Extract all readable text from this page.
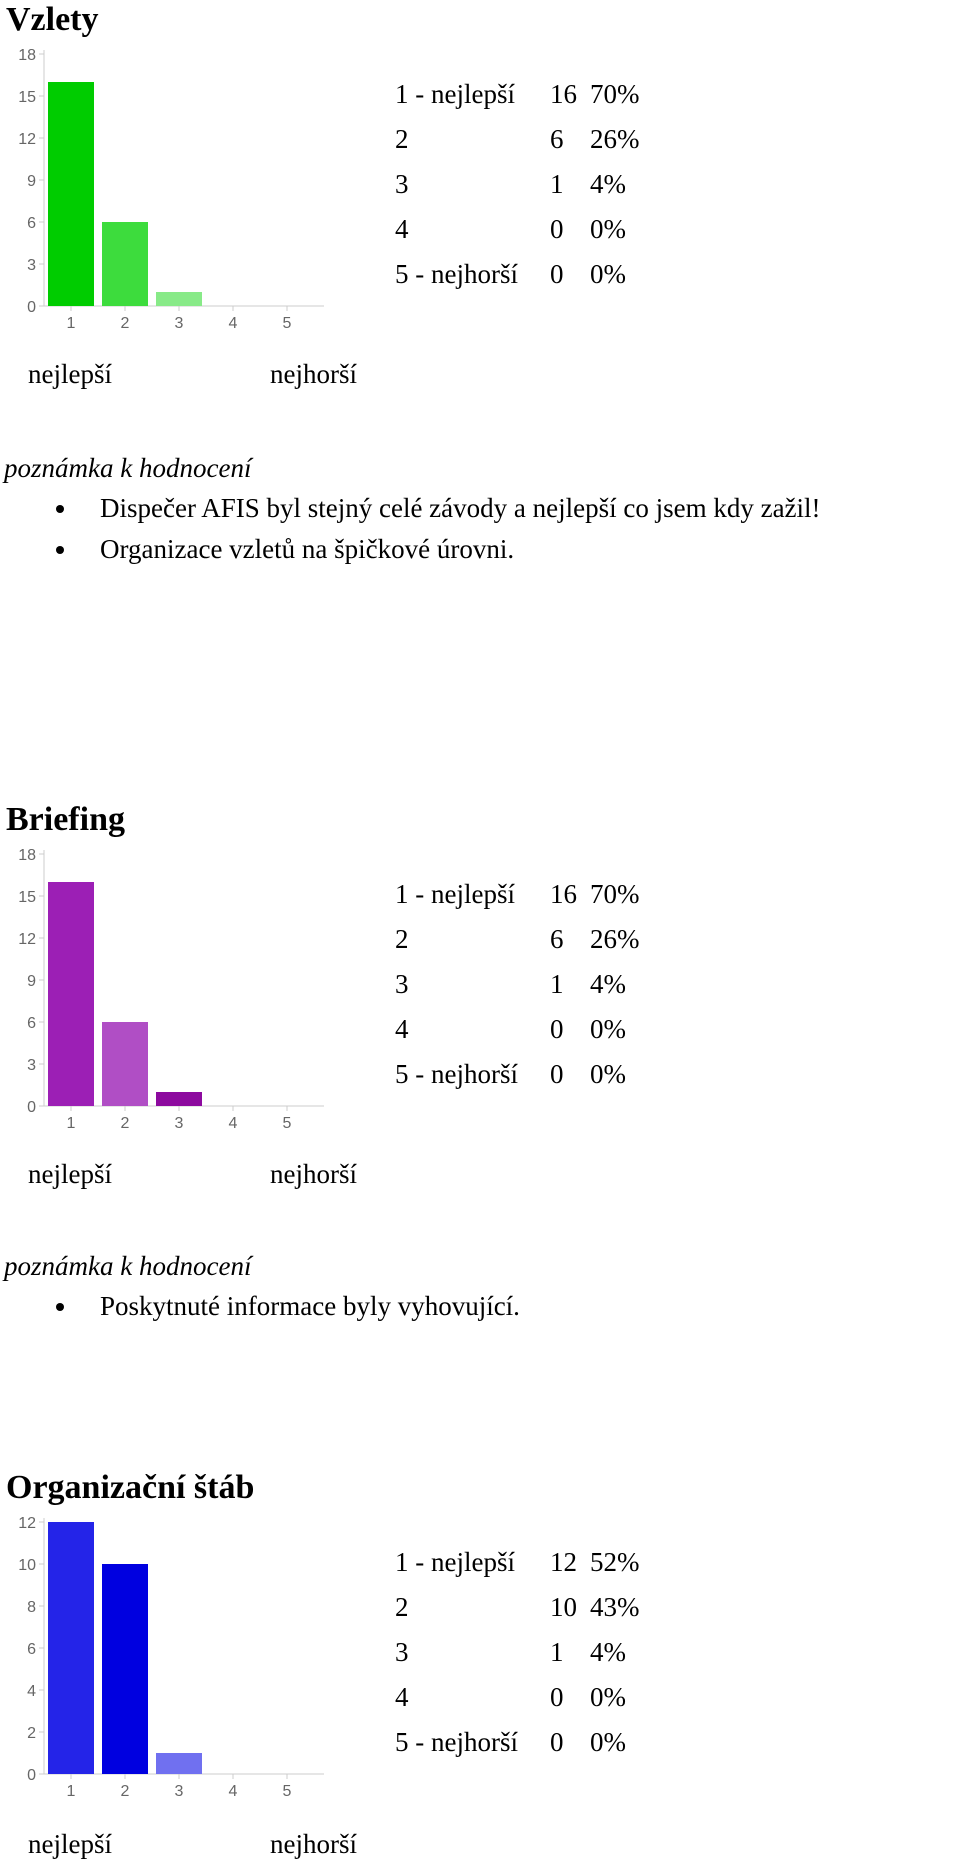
Vzlety
0
3
6
9
12
15
18
1	2	3	4	5
1 - nejlepší 16 70%
2	6 26%
3	1 4%
4	0 0%
5 - nejhorší 0 0%
nejlepší	nejhorší
poznámka k hodnocení
Dispečer AFIS byl stejný celé závody a nejlepší co jsem kdy zažil!
Organizace vzletů na špičkové úrovni.
Briefing
0
3
6
9
12
15
18
1	2	3	4	5
1 - nejlepší 16 70%
2	6 26%
3	1 4%
4	0 0%
5 - nejhorší 0 0%
nejlepší	nejhorší
poznámka k hodnocení
Poskytnuté informace byly vyhovující.
Organizační štáb
0
2
4
6
8
10
12
1	2	3	4	5
1 - nejlepší 12 52%
2	10 43%
3	1 4%
4	0 0%
5 - nejhorší 0 0%
nejlepší	nejhorší
